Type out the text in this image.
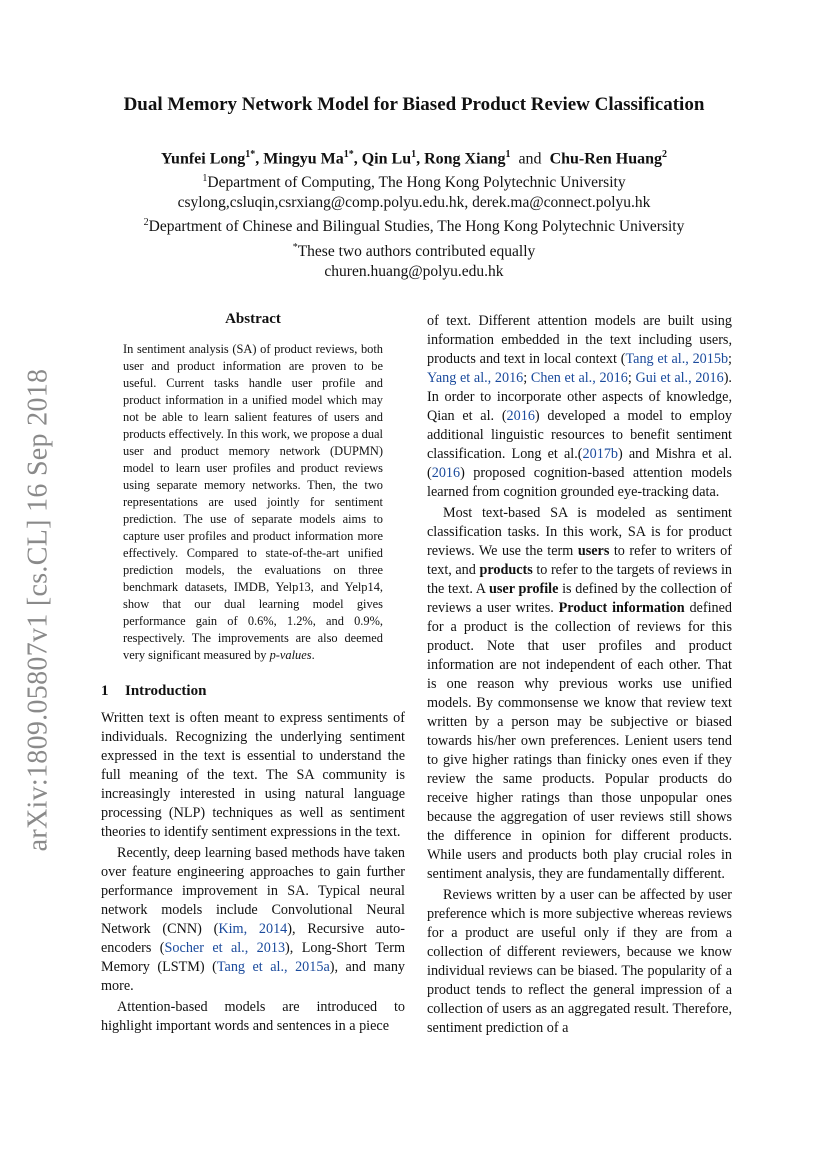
arXiv:1809.05807v1 [cs.CL] 16 Sep 2018
Dual Memory Network Model for Biased Product Review Classification
Yunfei Long$^{1*}$, Mingyu $Ma^{1*}$, Qin Lu$^1$, Rong Xiang$^1$ and Chu-Ren Huang$^2$
$^1$Department of Computing, The Hong Kong Polytechnic University
csylong,csluqin,csrxiang@comp.polyu.edu.hk, derek.ma@connect.polyu.hk
$^2$Department of Chinese and Bilingual Studies, The Hong Kong Polytechnic University
*These two authors contributed equally
churen.huang@polyu.edu.hk
Abstract
In sentiment analysis (SA) of product reviews, both user and product information are proven to be useful. Current tasks handle user profile and product information in a unified model which may not be able to learn salient features of users and products effectively. In this work, we propose a dual user and product memory network (DUPMN) model to learn user profiles and product reviews using separate memory networks. Then, the two representations are used jointly for sentiment prediction. The use of separate models aims to capture user profiles and product information more effectively. Compared to state-of-the-art unified prediction models, the evaluations on three benchmark datasets, IMDB, Yelp13, and Yelp14, show that our dual learning model gives performance gain of 0.6%, 1.2%, and 0.9%, respectively. The improvements are also deemed very significant measured by p-values.
1 Introduction

Written text is often meant to express sentiments of individuals. Recognizing the underlying sentiment expressed in the text is essential to understand the full meaning of the text. The SA community is increasingly interested in using natural language processing (NLP) techniques as well as sentiment theories to identify sentiment expressions in the text.

Recently, deep learning based methods have taken over feature engineering approaches to gain further performance improvement in SA. Typical neural network models include Convolutional Neural Network (CNN) (Kim, 2014), Recursive auto-encoders (Socher et al., 2013), Long-Short Term Memory (LSTM) (Tang et al., 2015a), and many more.

Attention-based models are introduced to highlight important words and sentences in a piece

of text. Different attention models are built using information embedded in the text including users, products and text in local context (Tang et al., 2015b; Yang et al., 2016; Chen et al., 2016; Gui et al., 2016). In order to incorporate other aspects of knowledge, Qian et al. (2016) developed a model to employ additional linguistic resources to benefit sentiment classification. Long et al.(2017b) and Mishra et al.(2016) proposed cognition-based attention models learned from cognition grounded eye-tracking data.

Most text-based SA is modeled as sentiment classification tasks. In this work, SA is for product reviews. We use the term users to refer to writers of text, and products to refer to the targets of reviews in the text. A user profile is defined by the collection of reviews a user writes. Product information defined for a product is the collection of reviews for this product. Note that user profiles and product information are not independent of each other. That is one reason why previous works use unified models. By commonsense we know that review text written by a person may be subjective or biased towards his/her own preferences. Lenient users tend to give higher ratings than finicky ones even if they review the same products. Popular products do receive higher ratings than those unpopular ones because the aggregation of user reviews still shows the difference in opinion for different products. While users and products both play crucial roles in sentiment analysis, they are fundamentally different.

Reviews written by a user can be affected by user preference which is more subjective whereas reviews for a product are useful only if they are from a collection of different reviewers, because we know individual reviews can be biased. The popularity of a product tends to reflect the general impression of a collection of users as an aggregated result. Therefore, sentiment prediction of a
